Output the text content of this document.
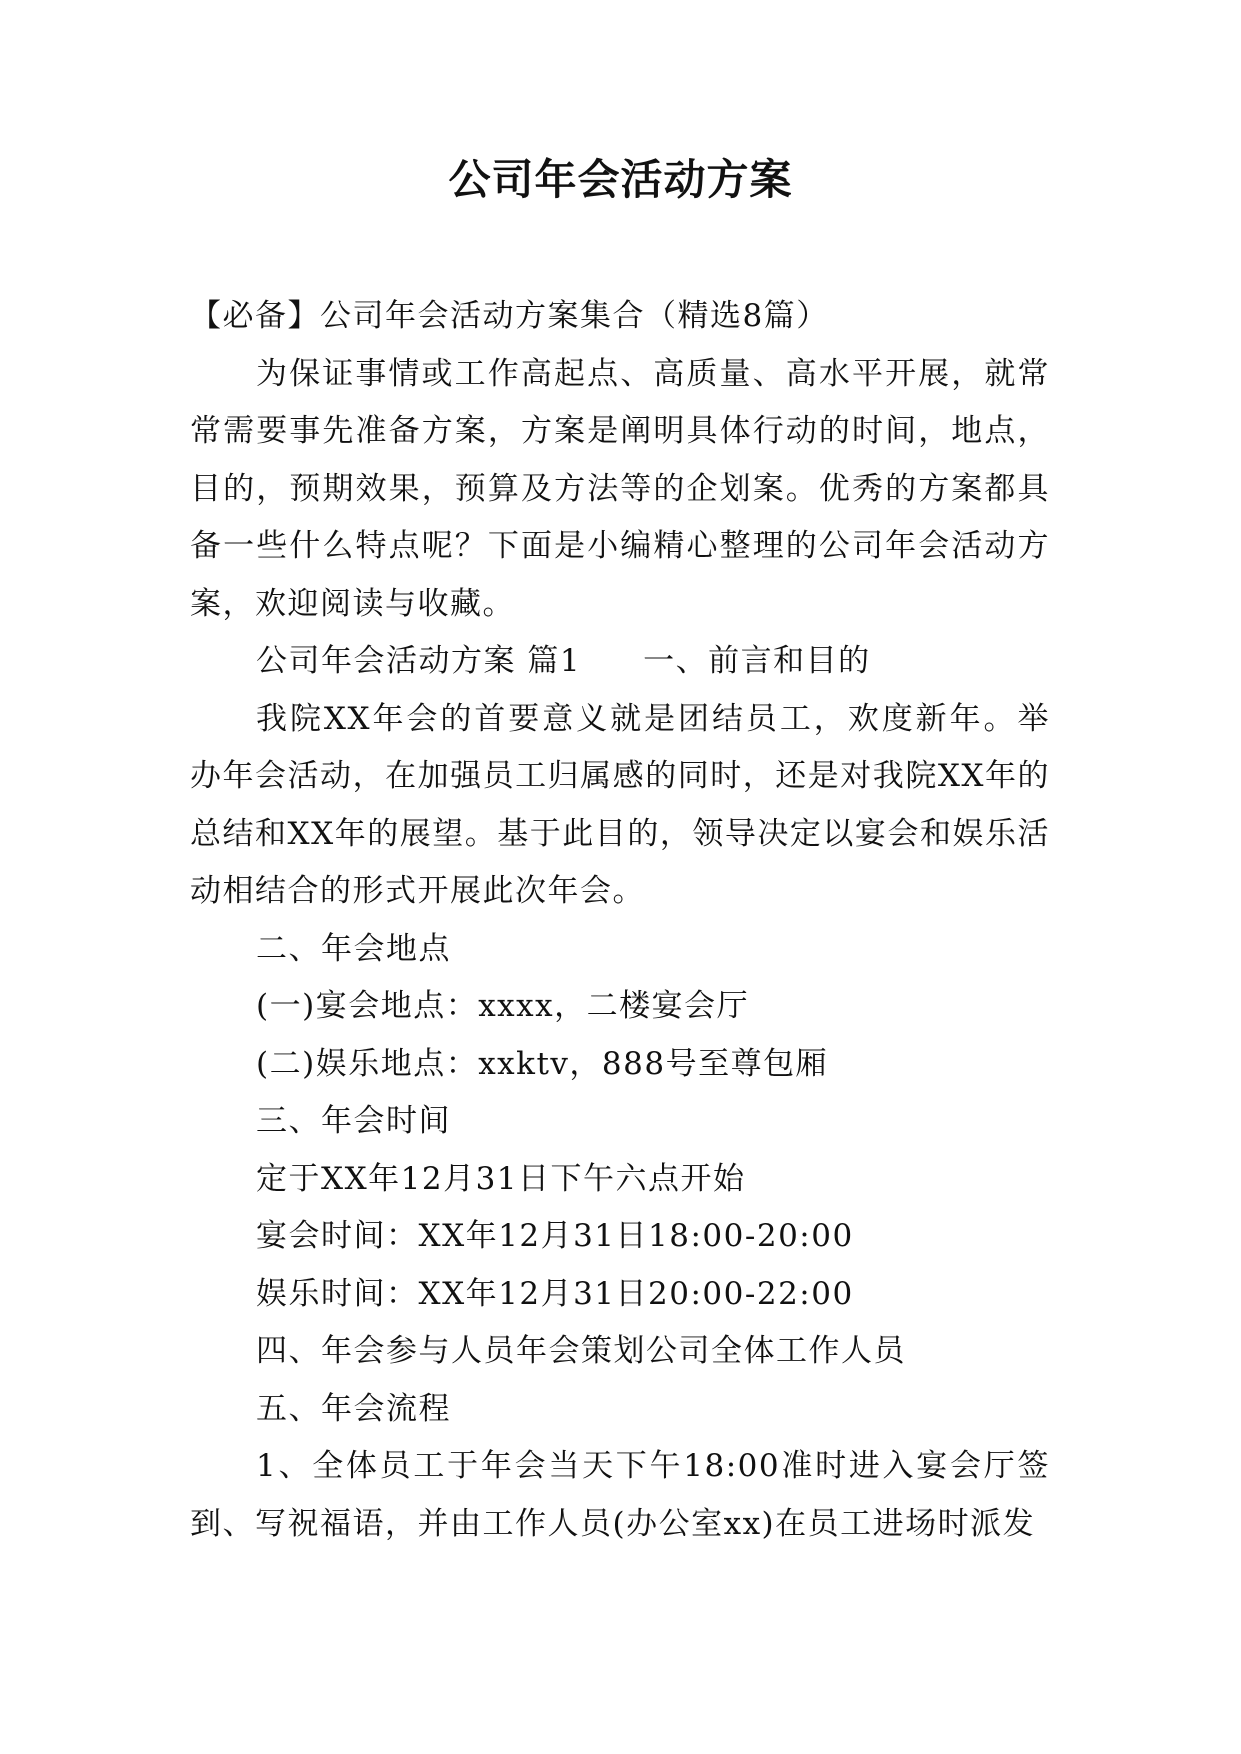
公司年会活动方案

【必备】公司年会活动方案集合（精选8篇）

为保证事情或工作高起点、高质量、高水平开展，就常常需要事先准备方案，方案是阐明具体行动的时间，地点，目的，预期效果，预算及方法等的企划案。优秀的方案都具备一些什么特点呢？下面是小编精心整理的公司年会活动方案，欢迎阅读与收藏。

公司年会活动方案 篇1 一、前言和目的

我院XX年会的首要意义就是团结员工，欢度新年。举办年会活动，在加强员工归属感的同时，还是对我院XX年的总结和XX年的展望。基于此目的，领导决定以宴会和娱乐活动相结合的形式开展此次年会。

二、年会地点

(一)宴会地点：xxxx，二楼宴会厅

(二)娱乐地点：xxktv，888号至尊包厢

三、年会时间

定于XX年12月31日下午六点开始

宴会时间：XX年12月31日18:00-20:00

娱乐时间：XX年12月31日20:00-22:00

四、年会参与人员年会策划公司全体工作人员

五、年会流程

1、全体员工于年会当天下午18:00准时进入宴会厅签到、写祝福语，并由工作人员(办公室xx)在员工进场时派发
